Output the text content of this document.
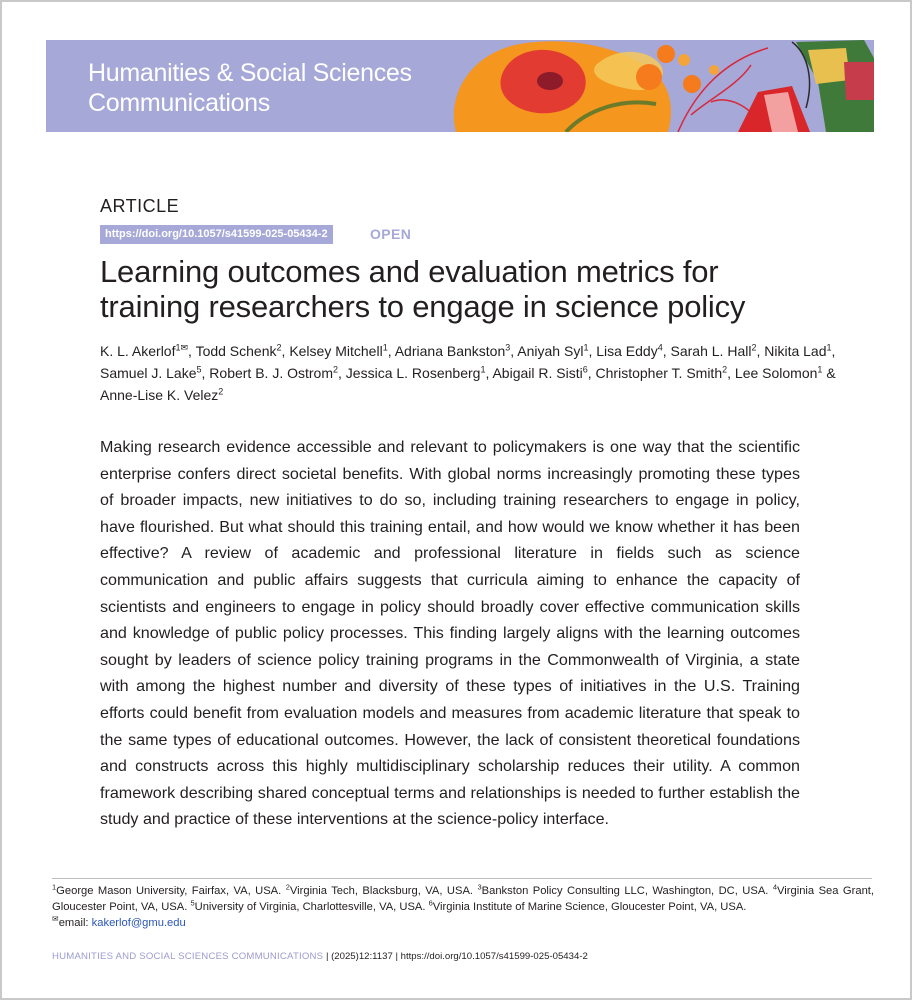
Humanities & Social Sciences
Communications
ARTICLE
https://doi.org/10.1057/s41599-025-05434-2	OPEN
Learning outcomes and evaluation metrics for
training researchers to engage in science policy
K. L. Akerlof$^{1✉}$, Todd Schenk$^2$, Kelsey Mitchell$^1$, Adriana Bankston$^3$, Aniyah Syl$^1$, Lisa Eddy$^4$, Sarah L. Hall$^2$, Nikita Lad$^1$, Samuel J. Lake$^5$, Robert B. J. Ostrom$^2$, Jessica L. Rosenberg$^1$, Abigail R. Sisti$^6$, Christopher T. Smith$^2$, Lee Solomon$^1$ & Anne-Lise K. Velez$^2$

Making research evidence accessible and relevant to policymakers is one way that the scientific enterprise confers direct societal benefits. With global norms increasingly promoting these types of broader impacts, new initiatives to do so, including training researchers to engage in policy, have flourished. But what should this training entail, and how would we know whether it has been effective? A review of academic and professional literature in fields such as science communication and public affairs suggests that curricula aiming to enhance the capacity of scientists and engineers to engage in policy should broadly cover effective communication skills and knowledge of public policy processes. This finding largely aligns with the learning outcomes sought by leaders of science policy training programs in the Commonwealth of Virginia, a state with among the highest number and diversity of these types of initiatives in the U.S. Training efforts could benefit from evaluation models and measures from academic literature that speak to the same types of educational outcomes. However, the lack of consistent theoretical foundations and constructs across this highly multidisciplinary scholarship reduces their utility. A common framework describing shared conceptual terms and relationships is needed to further establish the study and practice of these interventions at the science-policy interface.

$^1$George Mason University, Fairfax, VA, USA. $^2$Virginia Tech, Blacksburg, VA, USA. $^3$Bankston Policy Consulting LLC, Washington, DC, USA. $^4$Virginia Sea Grant, Gloucester Point, VA, USA. $^5$University of Virginia, Charlottesville, VA, USA. $^6$Virginia Institute of Marine Science, Gloucester Point, VA, USA.
✉email: kakerlof@gmu.edu
HUMANITIES AND SOCIAL SCIENCES COMMUNICATIONS | (2025)12:1137 | https://doi.org/10.1057/s41599-025-05434-2
